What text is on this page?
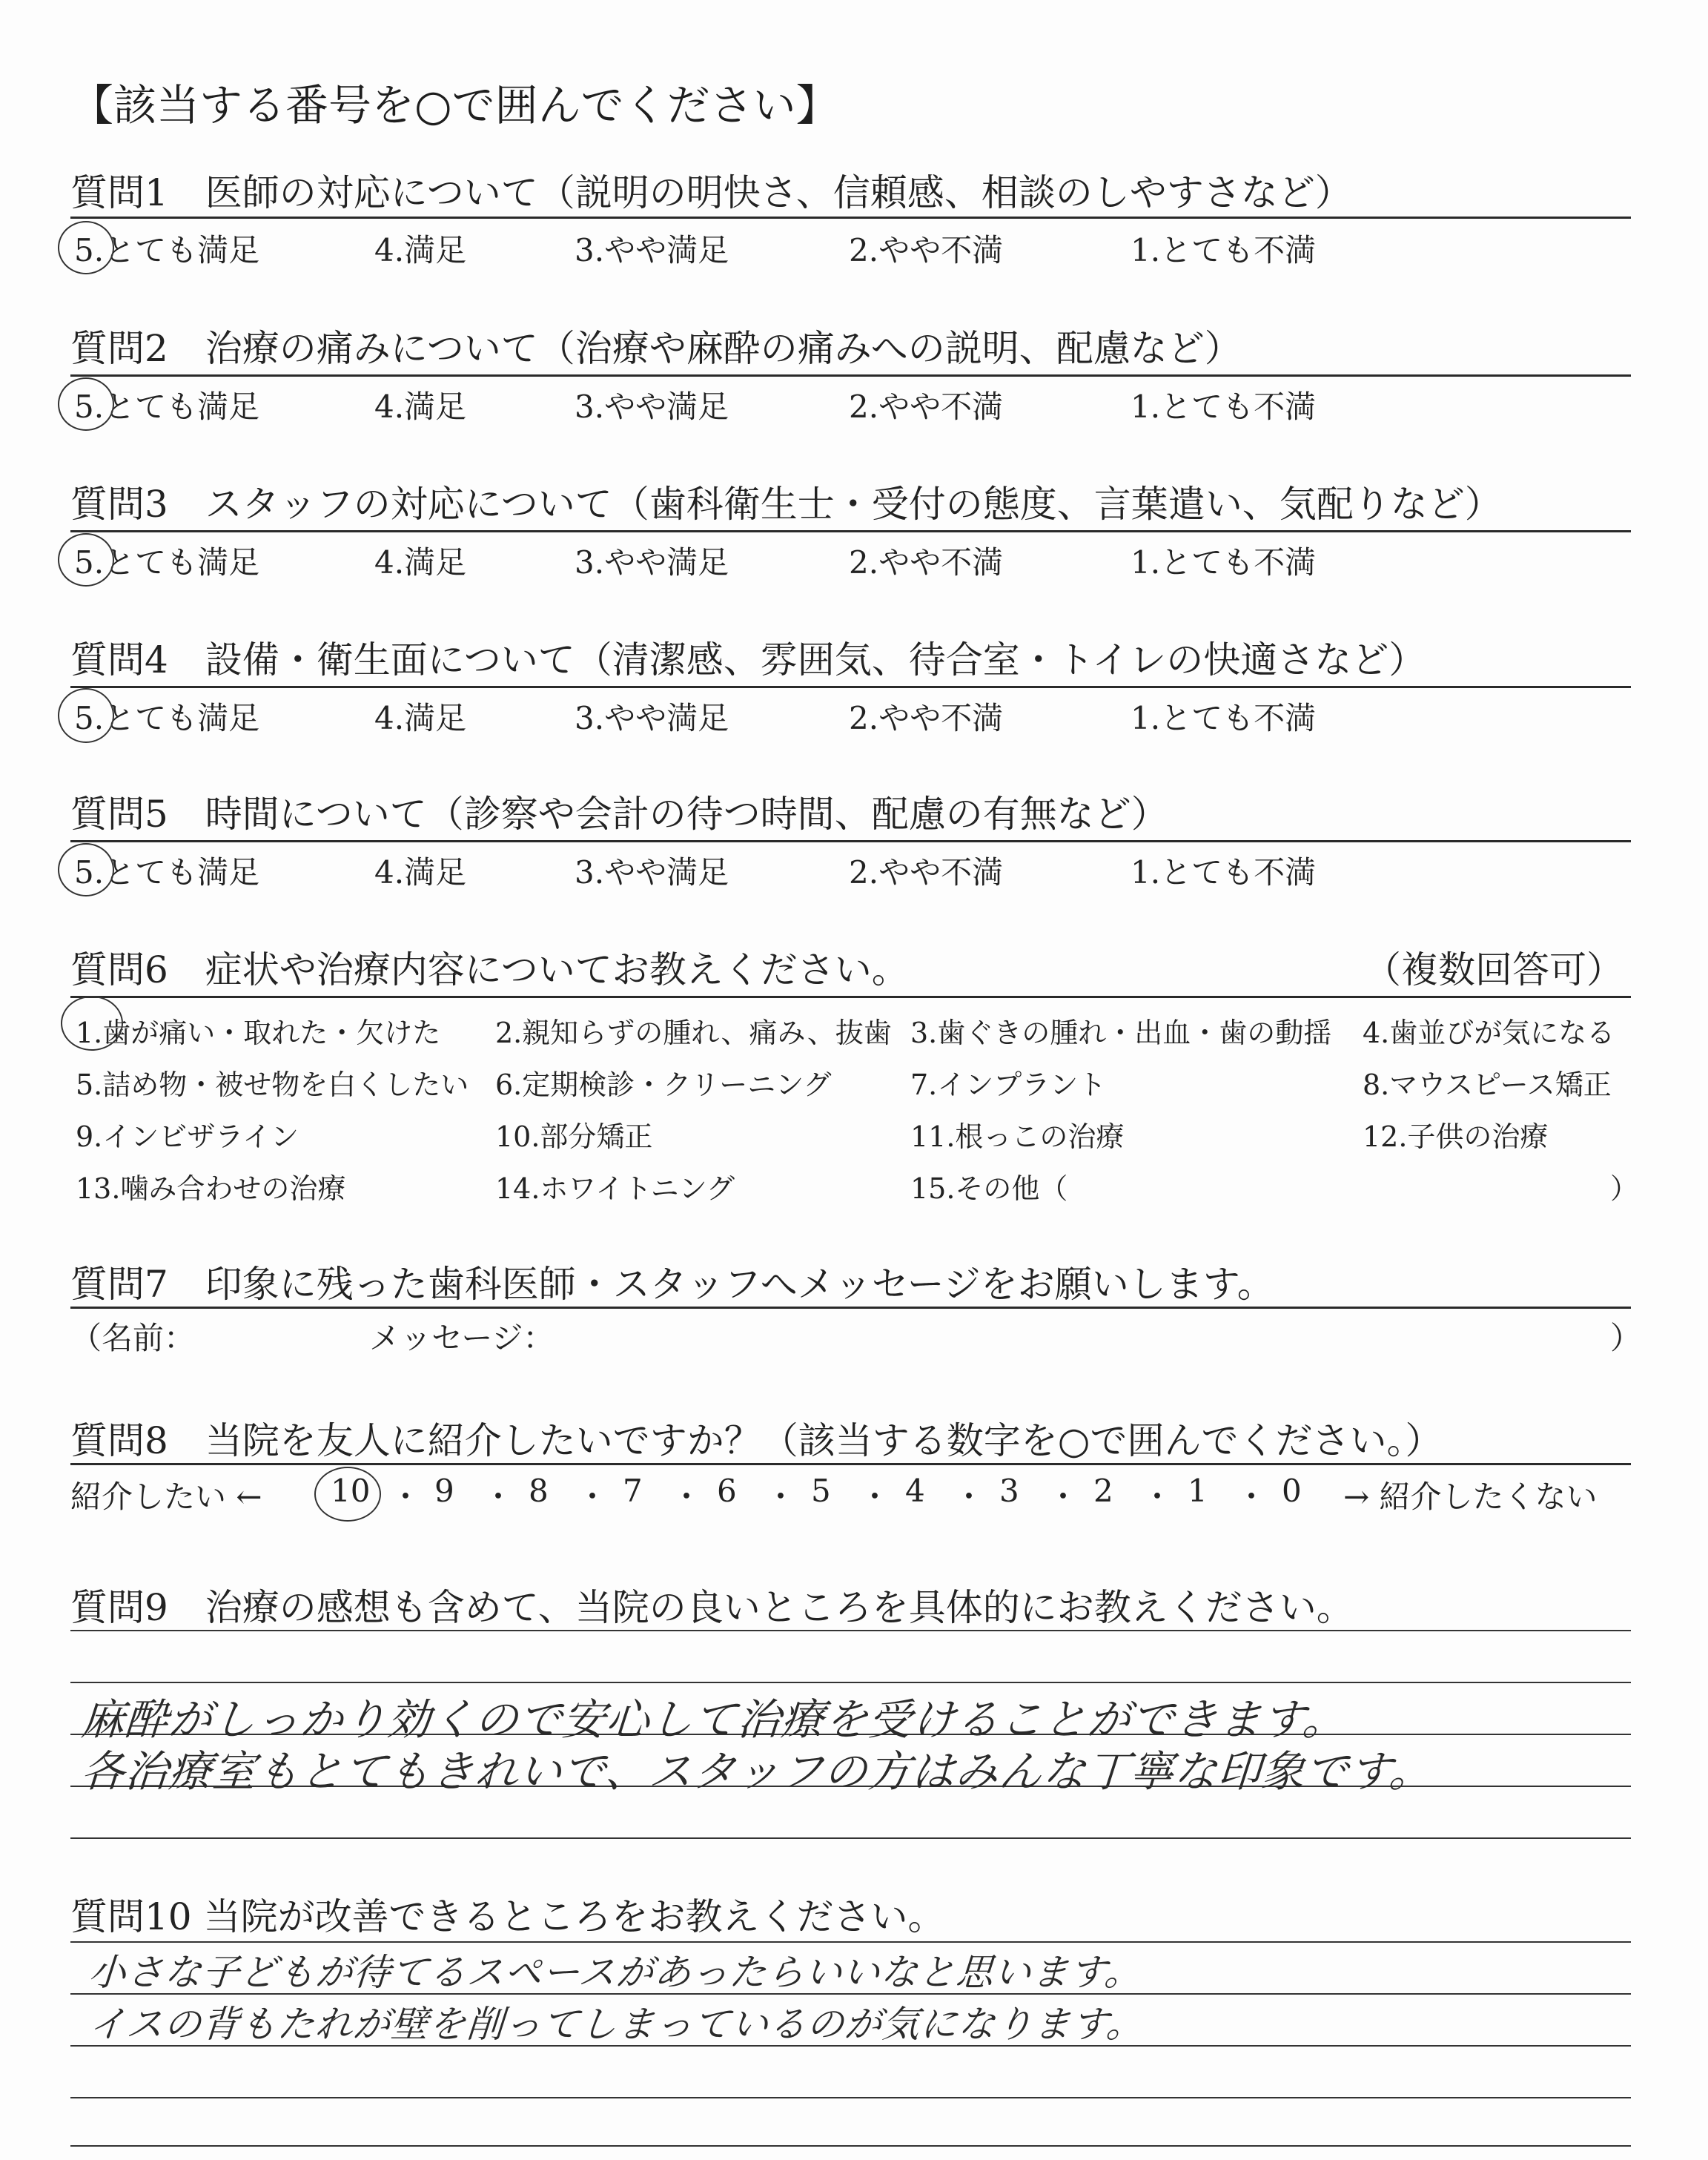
【該当する番号を○で囲んでください】
質問1　医師の対応について（説明の明快さ、信頼感、相談のしやすさなど）
5.とても満足	4.満足	3.やや満足	2.やや不満	1.とても不満
質問2　治療の痛みについて（治療や麻酔の痛みへの説明、配慮など）
5.とても満足	4.満足	3.やや満足	2.やや不満	1.とても不満
質問3　スタッフの対応について（歯科衛生士・受付の態度、言葉遣い、気配りなど）
5.とても満足	4.満足	3.やや満足	2.やや不満	1.とても不満
質問4　設備・衛生面について（清潔感、雰囲気、待合室・トイレの快適さなど）
5.とても満足	4.満足	3.やや満足	2.やや不満	1.とても不満
質問5　時間について（診察や会計の待つ時間、配慮の有無など）
5.とても満足	4.満足	3.やや満足	2.やや不満	1.とても不満
質問6　症状や治療内容についてお教えください。	（複数回答可）
1.歯が痛い・取れた・欠けた 2.親知らずの腫れ、痛み、抜歯 3.歯ぐきの腫れ・出血・歯の動揺 4.歯並びが気になる
5.詰め物・被せ物を白くしたい 6.定期検診・クリーニング	7.インプラント	8.マウスピース矯正
9.インビザライン	10.部分矯正	11.根っこの治療	12.子供の治療
13.噛み合わせの治療	14.ホワイトニング	15.その他（	）
質問7　印象に残った歯科医師・スタッフへメッセージをお願いします。
（名前：	メッセージ：	）
質問8　当院を友人に紹介したいですか？（該当する数字を○で囲んでください。）
紹介したい ←	→ 紹介したくない
10 ・ 9 ・ 8 ・ 7 ・ 6 ・ 5 ・ 4 ・ 3 ・ 2 ・ 1 ・ 0
質問9　治療の感想も含めて、当院の良いところを具体的にお教えください。
麻酔がしっかり効くので安心して治療を受けることができます。
各治療室もとてもきれいで、スタッフの方はみんな丁寧な印象です。
質問10 当院が改善できるところをお教えください。
小さな子どもが待てるスペースがあったらいいなと思います。
イスの背もたれが壁を削ってしまっているのが気になります。
